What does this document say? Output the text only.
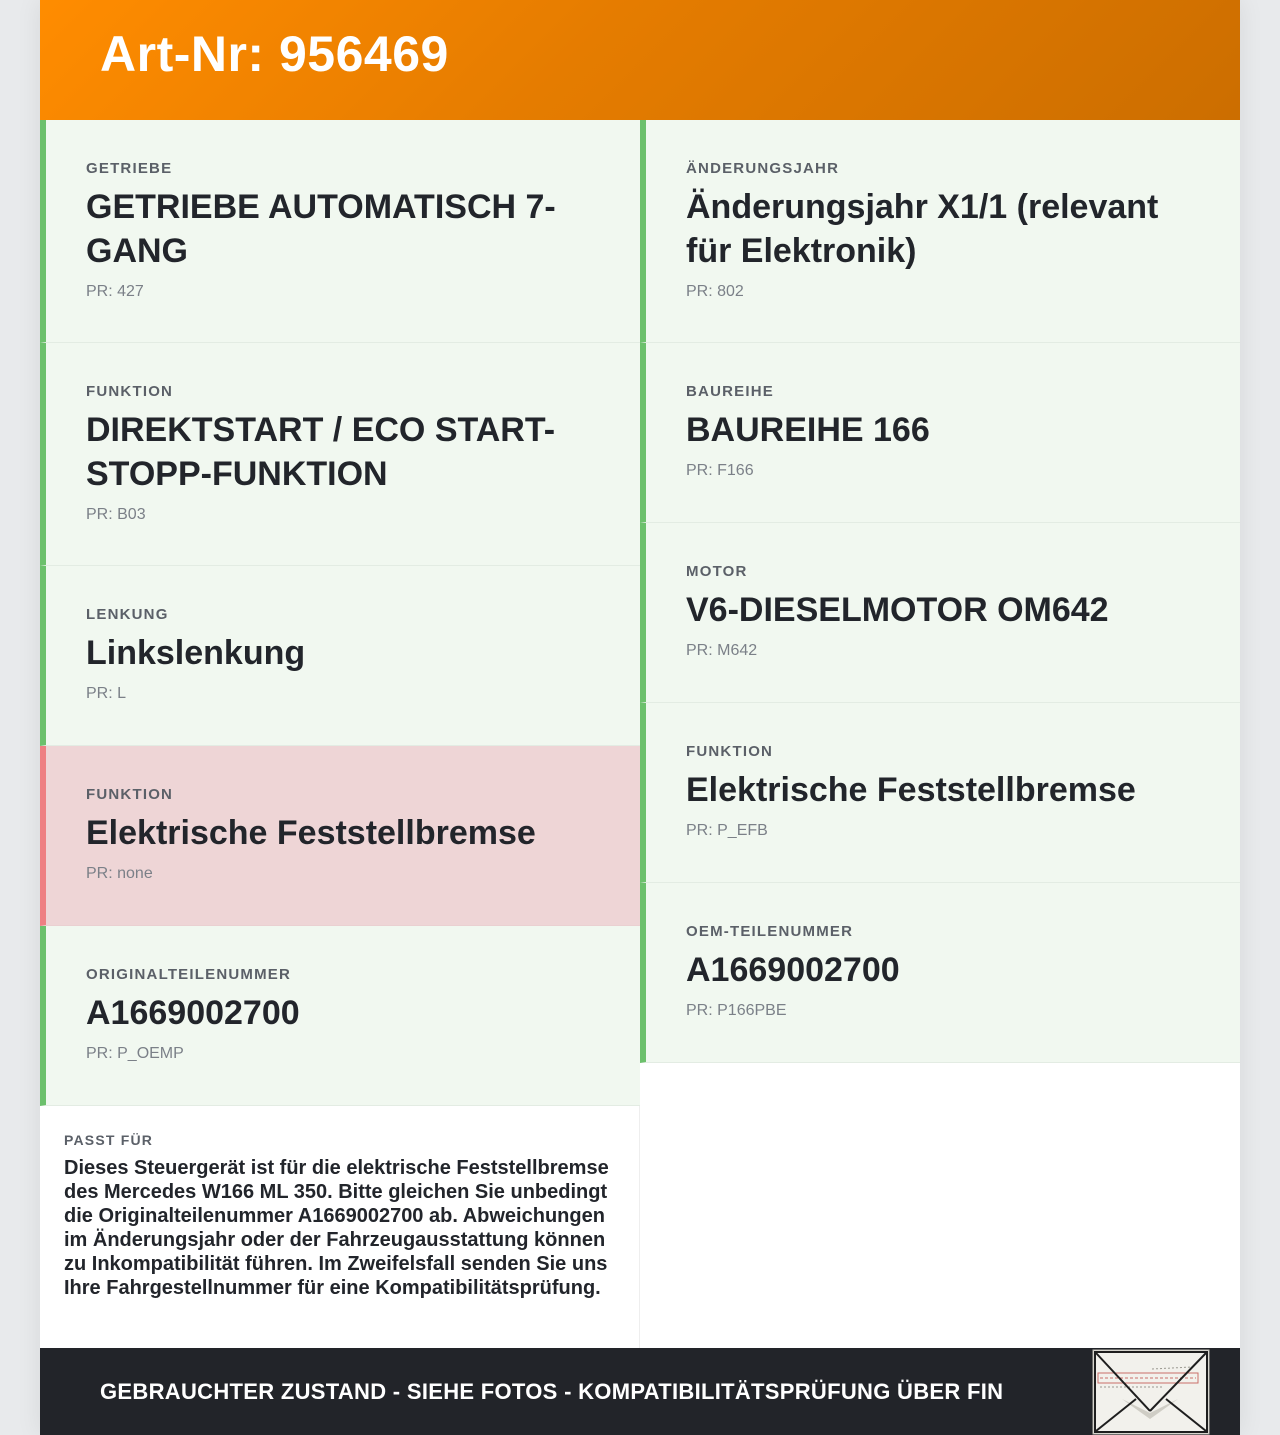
Art-Nr: 956469
GETRIEBE
GETRIEBE AUTOMATISCH 7-GANG
PR: 427
FUNKTION
DIREKTSTART / ECO START-STOPP-FUNKTION
PR: B03
LENKUNG
Linkslenkung
PR: L
FUNKTION
Elektrische Feststellbremse
PR: none
ORIGINALTEILENUMMER
A1669002700
PR: P_OEMP
PASST FÜR
Dieses Steuergerät ist für die elektrische Feststellbremse des Mercedes W166 ML 350. Bitte gleichen Sie unbedingt die Originalteilenummer A1669002700 ab. Abweichungen im Änderungsjahr oder der Fahrzeugausstattung können zu Inkompatibilität führen. Im Zweifelsfall senden Sie uns Ihre Fahrgestellnummer für eine Kompatibilitätsprüfung.
ÄNDERUNGSJAHR
Änderungsjahr X1/1 (relevant für Elektronik)
PR: 802
BAUREIHE
BAUREIHE 166
PR: F166
MOTOR
V6-DIESELMOTOR OM642
PR: M642
FUNKTION
Elektrische Feststellbremse
PR: P_EFB
OEM-TEILENUMMER
A1669002700
PR: P166PBE
GEBRAUCHTER ZUSTAND - SIEHE FOTOS - KOMPATIBILITÄTSPRÜFUNG ÜBER FIN
